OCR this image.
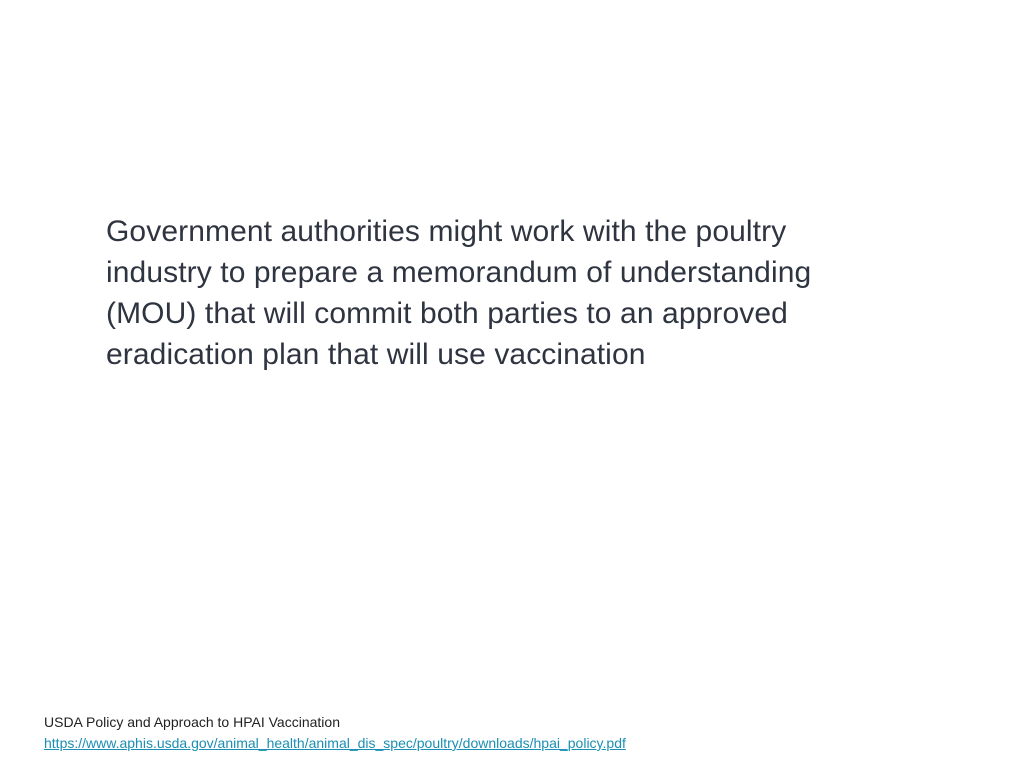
Government authorities might work with the poultry
industry to prepare a memorandum of understanding
(MOU) that will commit both parties to an approved
eradication plan that will use vaccination

USDA Policy and Approach to HPAI Vaccination
https://www.aphis.usda.gov/animal_health/animal_dis_spec/poultry/downloads/hpai_policy.pdf
